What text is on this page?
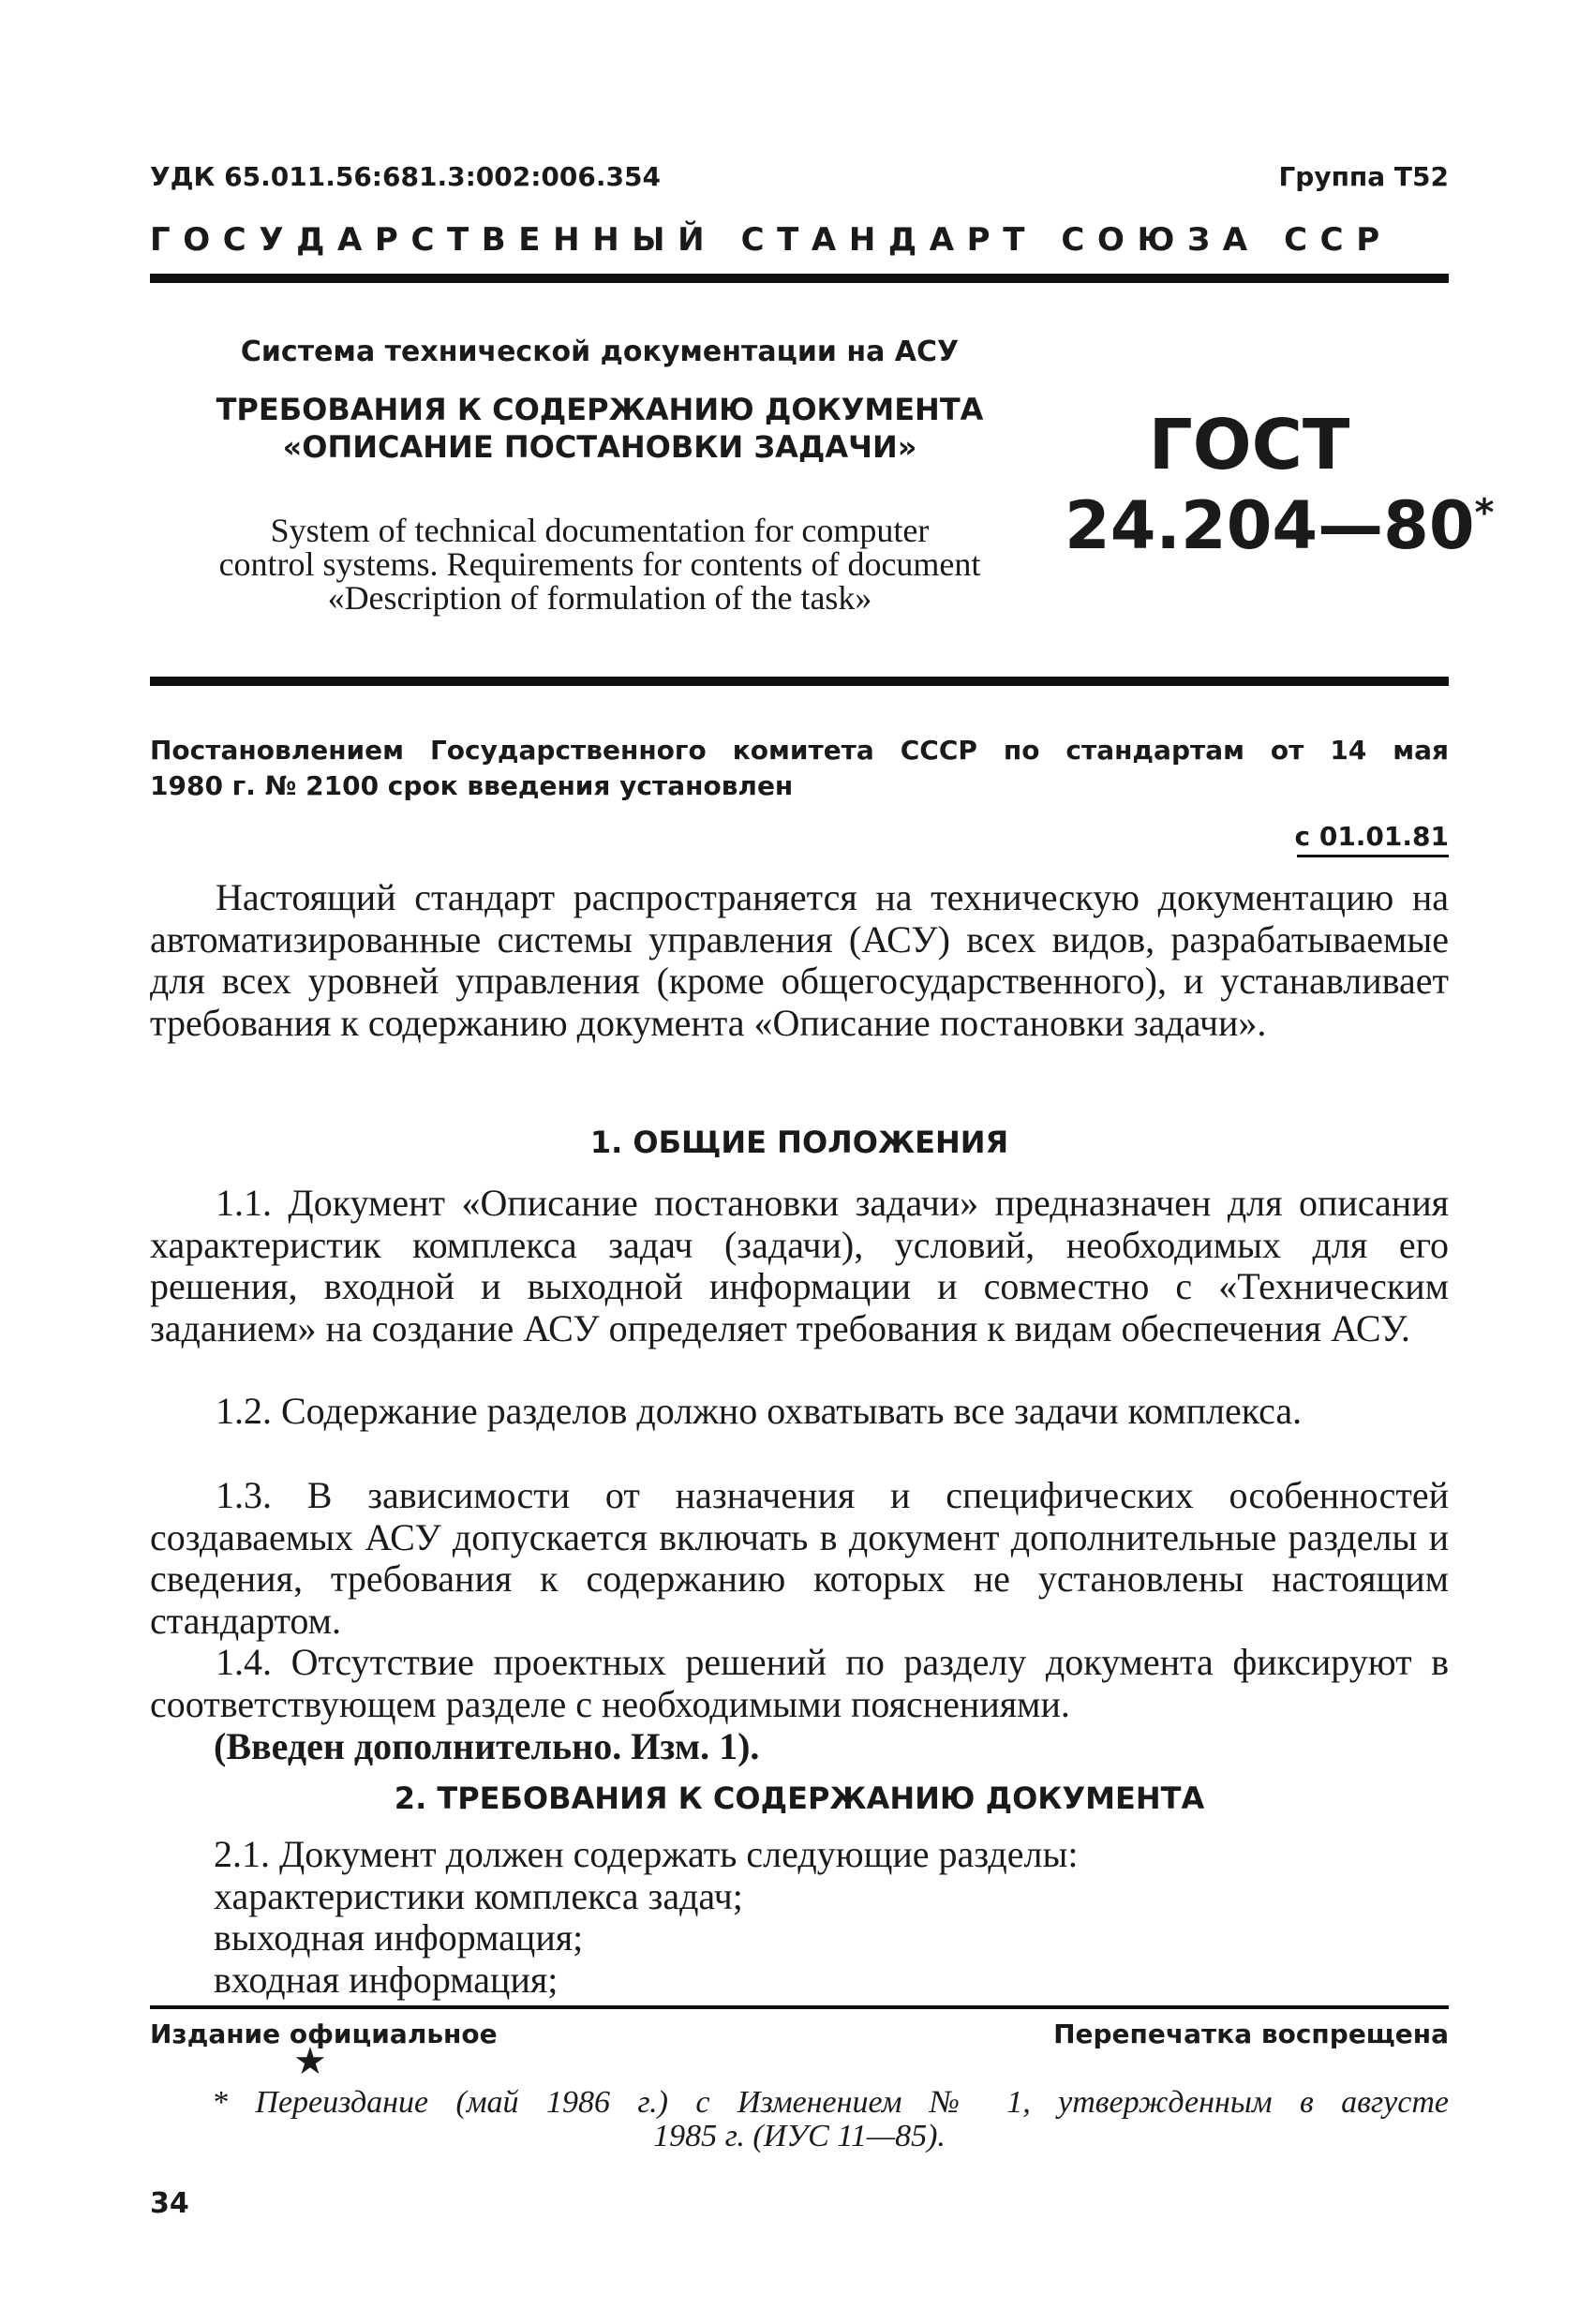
УДК 65.011.56:681.3:002:006.354	Группа Т52
ГОСУДАРСТВЕННЫЙ СТАНДАРТ СОЮЗА ССР
Система технической документации на АСУ
ТРЕБОВАНИЯ К СОДЕРЖАНИЮ ДОКУМЕНТА
«ОПИСАНИЕ ПОСТАНОВКИ ЗАДАЧИ»
System of technical documentation for computer
control systems. Requirements for contents of document
«Description of formulation of the task»
ГОСТ
24.204—80*
Постановлением Государственного комитета СССР по стандартам от 14 мая
1980 г. № 2100 срок введения установлен
с 01.01.81

Настоящий стандарт распространяется на техническую документацию на автоматизированные системы управления (АСУ) всех видов, разрабатываемые для всех уровней управления (кроме общегосударственного), и устанавливает требования к содержанию документа «Описание постановки задачи».

1. ОБЩИЕ ПОЛОЖЕНИЯ

1.1. Документ «Описание постановки задачи» предназначен для описания характеристик комплекса задач (задачи), условий, необходимых для его решения, входной и выходной информации и совместно с «Техническим заданием» на создание АСУ определяет требования к видам обеспечения АСУ.

1.2. Содержание разделов должно охватывать все задачи комплекса.

1.3. В зависимости от назначения и специфических особенностей создаваемых АСУ допускается включать в документ дополнительные разделы и сведения, требования к содержанию которых не установлены настоящим стандартом.

1.4. Отсутствие проектных решений по разделу документа фиксируют в соответствующем разделе с необходимыми пояснениями.

(Введен дополнительно. Изм. 1).
2. ТРЕБОВАНИЯ К СОДЕРЖАНИЮ ДОКУМЕНТА
2.1. Документ должен содержать следующие разделы:
характеристики комплекса задач;
выходная информация;
входная информация;
Издание официальное	Перепечатка воспрещена
★
* Переиздание (май 1986 г.) с Изменением № 1, утвержденным в августе
1985 г. (ИУС 11—85).
34
